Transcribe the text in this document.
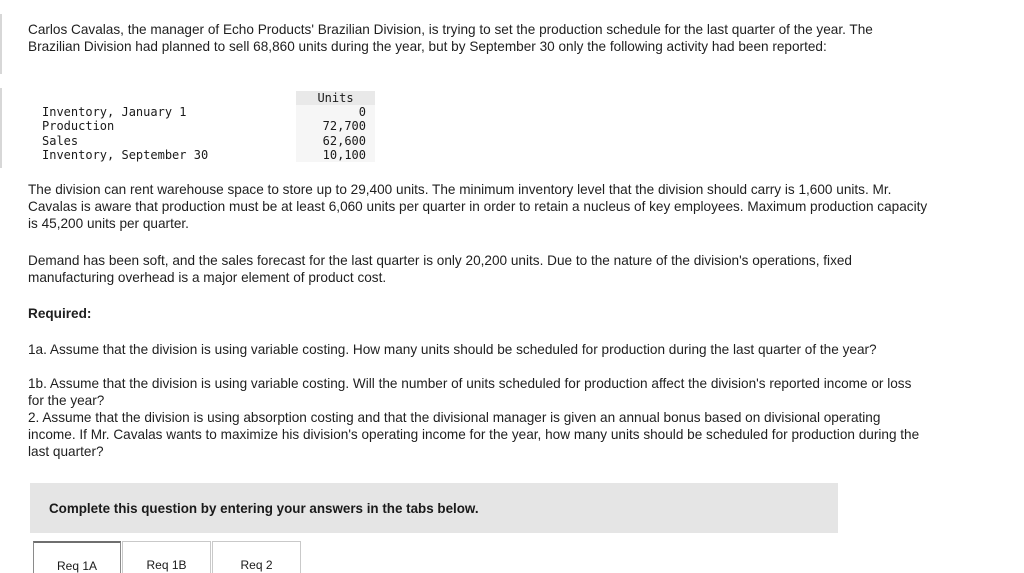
Carlos Cavalas, the manager of Echo Products' Brazilian Division, is trying to set the production schedule for the last quarter of the year. The Brazilian Division had planned to sell 68,860 units during the year, but by September 30 only the following activity had been reported:

	Units
Inventory, January 1	0
Production	72,700
Sales	62,600
Inventory, September 30	10,100

The division can rent warehouse space to store up to 29,400 units. The minimum inventory level that the division should carry is 1,600 units. Mr. Cavalas is aware that production must be at least 6,060 units per quarter in order to retain a nucleus of key employees. Maximum production capacity is 45,200 units per quarter.

Demand has been soft, and the sales forecast for the last quarter is only 20,200 units. Due to the nature of the division's operations, fixed manufacturing overhead is a major element of product cost.

Required:

1a. Assume that the division is using variable costing. How many units should be scheduled for production during the last quarter of the year?

1b. Assume that the division is using variable costing. Will the number of units scheduled for production affect the division's reported income or loss for the year?

2. Assume that the division is using absorption costing and that the divisional manager is given an annual bonus based on divisional operating income. If Mr. Cavalas wants to maximize his division's operating income for the year, how many units should be scheduled for production during the last quarter?

Complete this question by entering your answers in the tabs below.
Req 1A	Req 1B	Req 2
